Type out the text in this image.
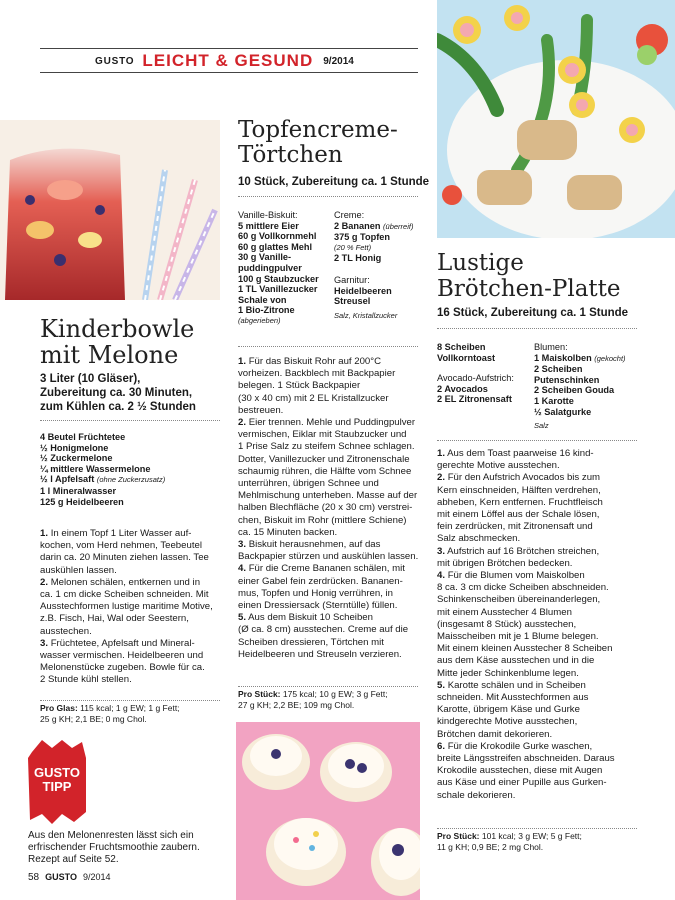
GUSTO LEICHT & GESUND 9/2014
Kinderbowle
mit Melone
3 Liter (10 Gläser),
Zubereitung ca. 30 Minuten,
zum Kühlen ca. 2 ½ Stunden
4 Beutel Früchtetee
½ Honigmelone
½ Zuckermelone
¼ mittlere Wassermelone
½ l Apfelsaft (ohne Zuckerzusatz)
1 l Mineralwasser
125 g Heidelbeeren

1. In einem Topf 1 Liter Wasser auf-

kochen, vom Herd nehmen, Teebeutel

darin ca. 20 Minuten ziehen lassen. Tee

auskühlen lassen.

2. Melonen schälen, entkernen und in

ca. 1 cm dicke Scheiben schneiden. Mit

Ausstechformen lustige maritime Motive,

z.B. Fisch, Hai, Wal oder Seestern,

ausstechen.

3. Früchtetee, Apfelsaft und Mineral-

wasser vermischen. Heidelbeeren und

Melonenstücke zugeben. Bowle für ca.

2 Stunde kühl stellen.

Pro Glas: 115 kcal; 1 g EW; 1 g Fett;
25 g KH; 2,1 BE; 0 mg Chol.
GUSTO
TIPP
Aus den Melonenresten lässt sich ein
erfrischender Fruchtsmoothie zaubern.
Rezept auf Seite 52.
58 GUSTO 9/2014
Topfencreme-
Törtchen
10 Stück, Zubereitung ca. 1 Stunde
Vanille-Biskuit:
5 mittlere Eier
60 g Vollkornmehl
60 g glattes Mehl
30 g Vanille-
puddingpulver
100 g Staubzucker
1 TL Vanillezucker
Schale von
1 Bio-Zitrone
(abgerieben)
Creme:
2 Bananen (überreif)
375 g Topfen
(20 % Fett)
2 TL Honig
Garnitur:
Heidelbeeren
Streusel
Salz, Kristallzucker

1. Für das Biskuit Rohr auf 200°C

vorheizen. Backblech mit Backpapier

belegen. 1 Stück Backpapier

(30 x 40 cm) mit 2 EL Kristallzucker

bestreuen.

2. Eier trennen. Mehle und Puddingpulver

vermischen, Eiklar mit Staubzucker und

1 Prise Salz zu steifem Schnee schlagen.

Dotter, Vanillezucker und Zitronenschale

schaumig rühren, die Hälfte vom Schnee

unterrühren, übrigen Schnee und

Mehlmischung unterheben. Masse auf der

halben Blechfläche (20 x 30 cm) verstrei-

chen, Biskuit im Rohr (mittlere Schiene)

ca. 15 Minuten backen.

3. Biskuit herausnehmen, auf das

Backpapier stürzen und auskühlen lassen.

4. Für die Creme Bananen schälen, mit

einer Gabel fein zerdrücken. Bananen-

mus, Topfen und Honig verrühren, in

einen Dressiersack (Sterntülle) füllen.

5. Aus dem Biskuit 10 Scheiben

(Ø ca. 8 cm) ausstechen. Creme auf die

Scheiben dressieren, Törtchen mit

Heidelbeeren und Streuseln verzieren.

Pro Stück: 175 kcal; 10 g EW; 3 g Fett;
27 g KH; 2,2 BE; 109 mg Chol.
Lustige
Brötchen-Platte
16 Stück, Zubereitung ca. 1 Stunde
8 Scheiben
Vollkorntoast
Avocado-Aufstrich:
2 Avocados
2 EL Zitronensaft
Blumen:
1 Maiskolben (gekocht)
2 Scheiben
Putenschinken
2 Scheiben Gouda
1 Karotte
½ Salatgurke
Salz

1. Aus dem Toast paarweise 16 kind-

gerechte Motive ausstechen.

2. Für den Aufstrich Avocados bis zum

Kern einschneiden, Hälften verdrehen,

abheben, Kern entfernen. Fruchtfleisch

mit einem Löffel aus der Schale lösen,

fein zerdrücken, mit Zitronensaft und

Salz abschmecken.

3. Aufstrich auf 16 Brötchen streichen,

mit übrigen Brötchen bedecken.

4. Für die Blumen vom Maiskolben

8 ca. 3 cm dicke Scheiben abschneiden.

Schinkenscheiben übereinanderlegen,

mit einem Ausstecher 4 Blumen

(insgesamt 8 Stück) ausstechen,

Maisscheiben mit je 1 Blume belegen.

Mit einem kleinen Ausstecher 8 Scheiben

aus dem Käse ausstechen und in die

Mitte jeder Schinkenblume legen.

5. Karotte schälen und in Scheiben

schneiden. Mit Ausstechformen aus

Karotte, übrigem Käse und Gurke

kindgerechte Motive ausstechen,

Brötchen damit dekorieren.

6. Für die Krokodile Gurke waschen,

breite Längsstreifen abschneiden. Daraus

Krokodile ausstechen, diese mit Augen

aus Käse und einer Pupille aus Gurken-

schale dekorieren.

Pro Stück: 101 kcal; 3 g EW; 5 g Fett;
11 g KH; 0,9 BE; 2 mg Chol.
